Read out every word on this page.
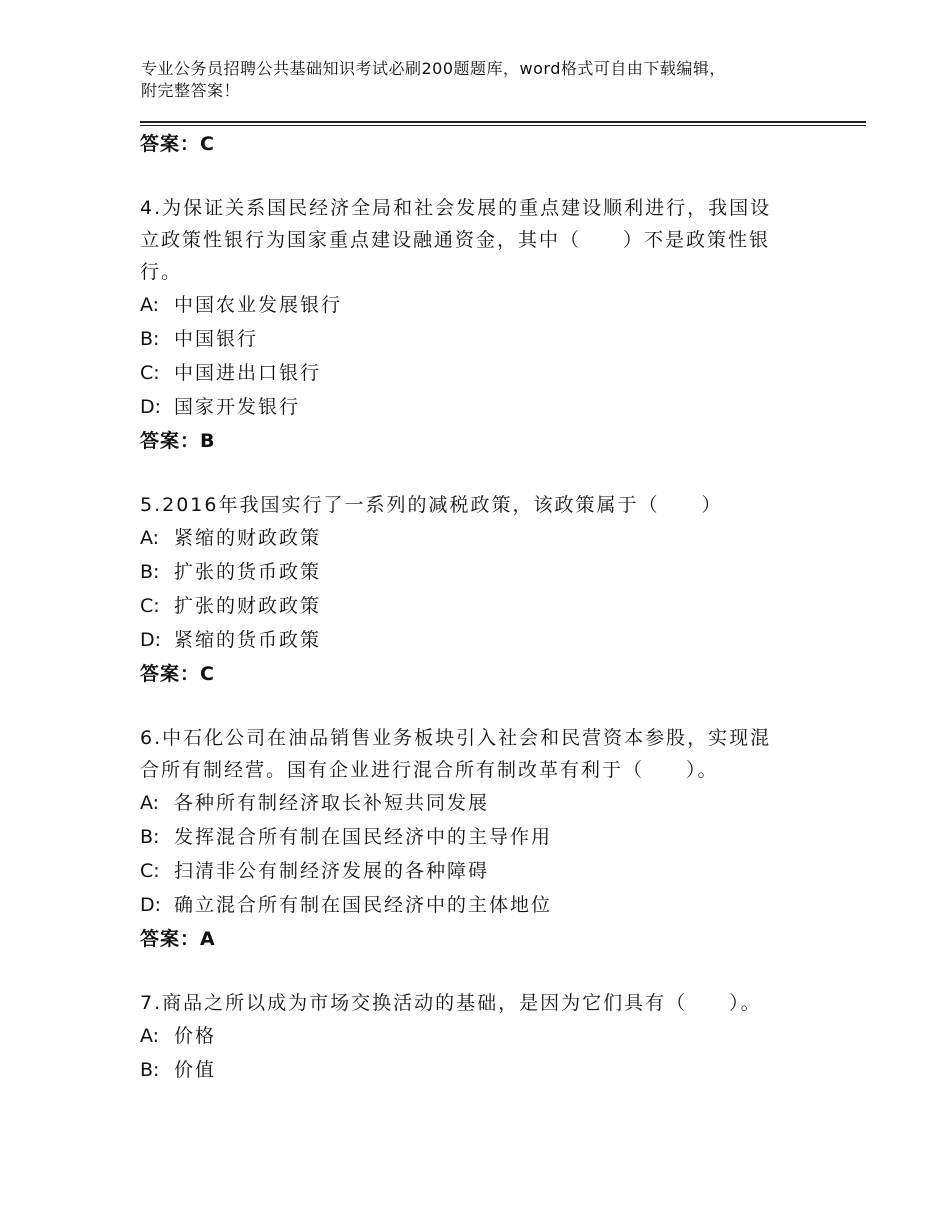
专业公务员招聘公共基础知识考试必刷200题题库，word格式可自由下载编辑，
附完整答案！
答案：C
4.为保证关系国民经济全局和社会发展的重点建设顺利进行，我国设
立政策性银行为国家重点建设融通资金，其中（　　）不是政策性银
行。
A: 中国农业发展银行
B: 中国银行
C: 中国进出口银行
D: 国家开发银行
答案：B
5.2016年我国实行了一系列的减税政策，该政策属于（　　）
A: 紧缩的财政政策
B: 扩张的货币政策
C: 扩张的财政政策
D: 紧缩的货币政策
答案：C
6.中石化公司在油品销售业务板块引入社会和民营资本参股，实现混
合所有制经营。国有企业进行混合所有制改革有利于（　　）。
A: 各种所有制经济取长补短共同发展
B: 发挥混合所有制在国民经济中的主导作用
C: 扫清非公有制经济发展的各种障碍
D: 确立混合所有制在国民经济中的主体地位
答案：A
7.商品之所以成为市场交换活动的基础，是因为它们具有（　　）。
A: 价格
B: 价值
